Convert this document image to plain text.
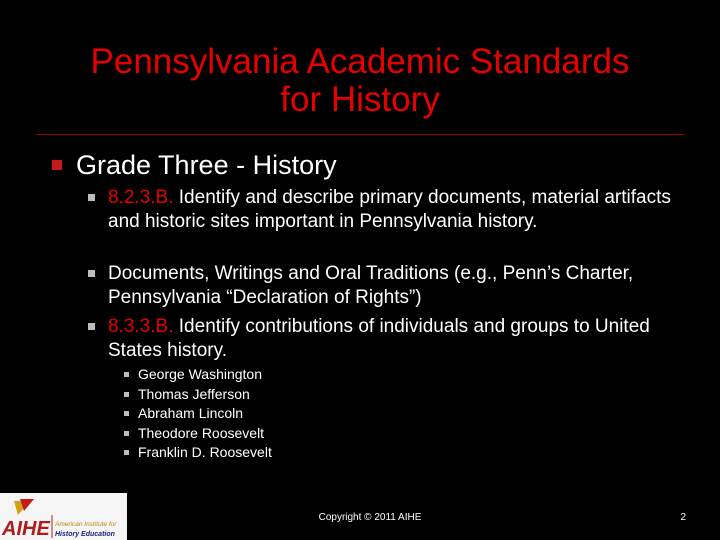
Pennsylvania Academic Standards
for History
Grade Three - History
8.2.3.B. Identify and describe primary documents, material artifacts and historic sites important in Pennsylvania history.
Documents, Writings and Oral Traditions (e.g., Penn’s Charter, Pennsylvania “Declaration of Rights”)
8.3.3.B. Identify contributions of individuals and groups to United States history.
George Washington
Thomas Jefferson
Abraham Lincoln
Theodore Roosevelt
Franklin D. Roosevelt
AIHE American Institute for
History Education
Copyright © 2011 AIHE	2
